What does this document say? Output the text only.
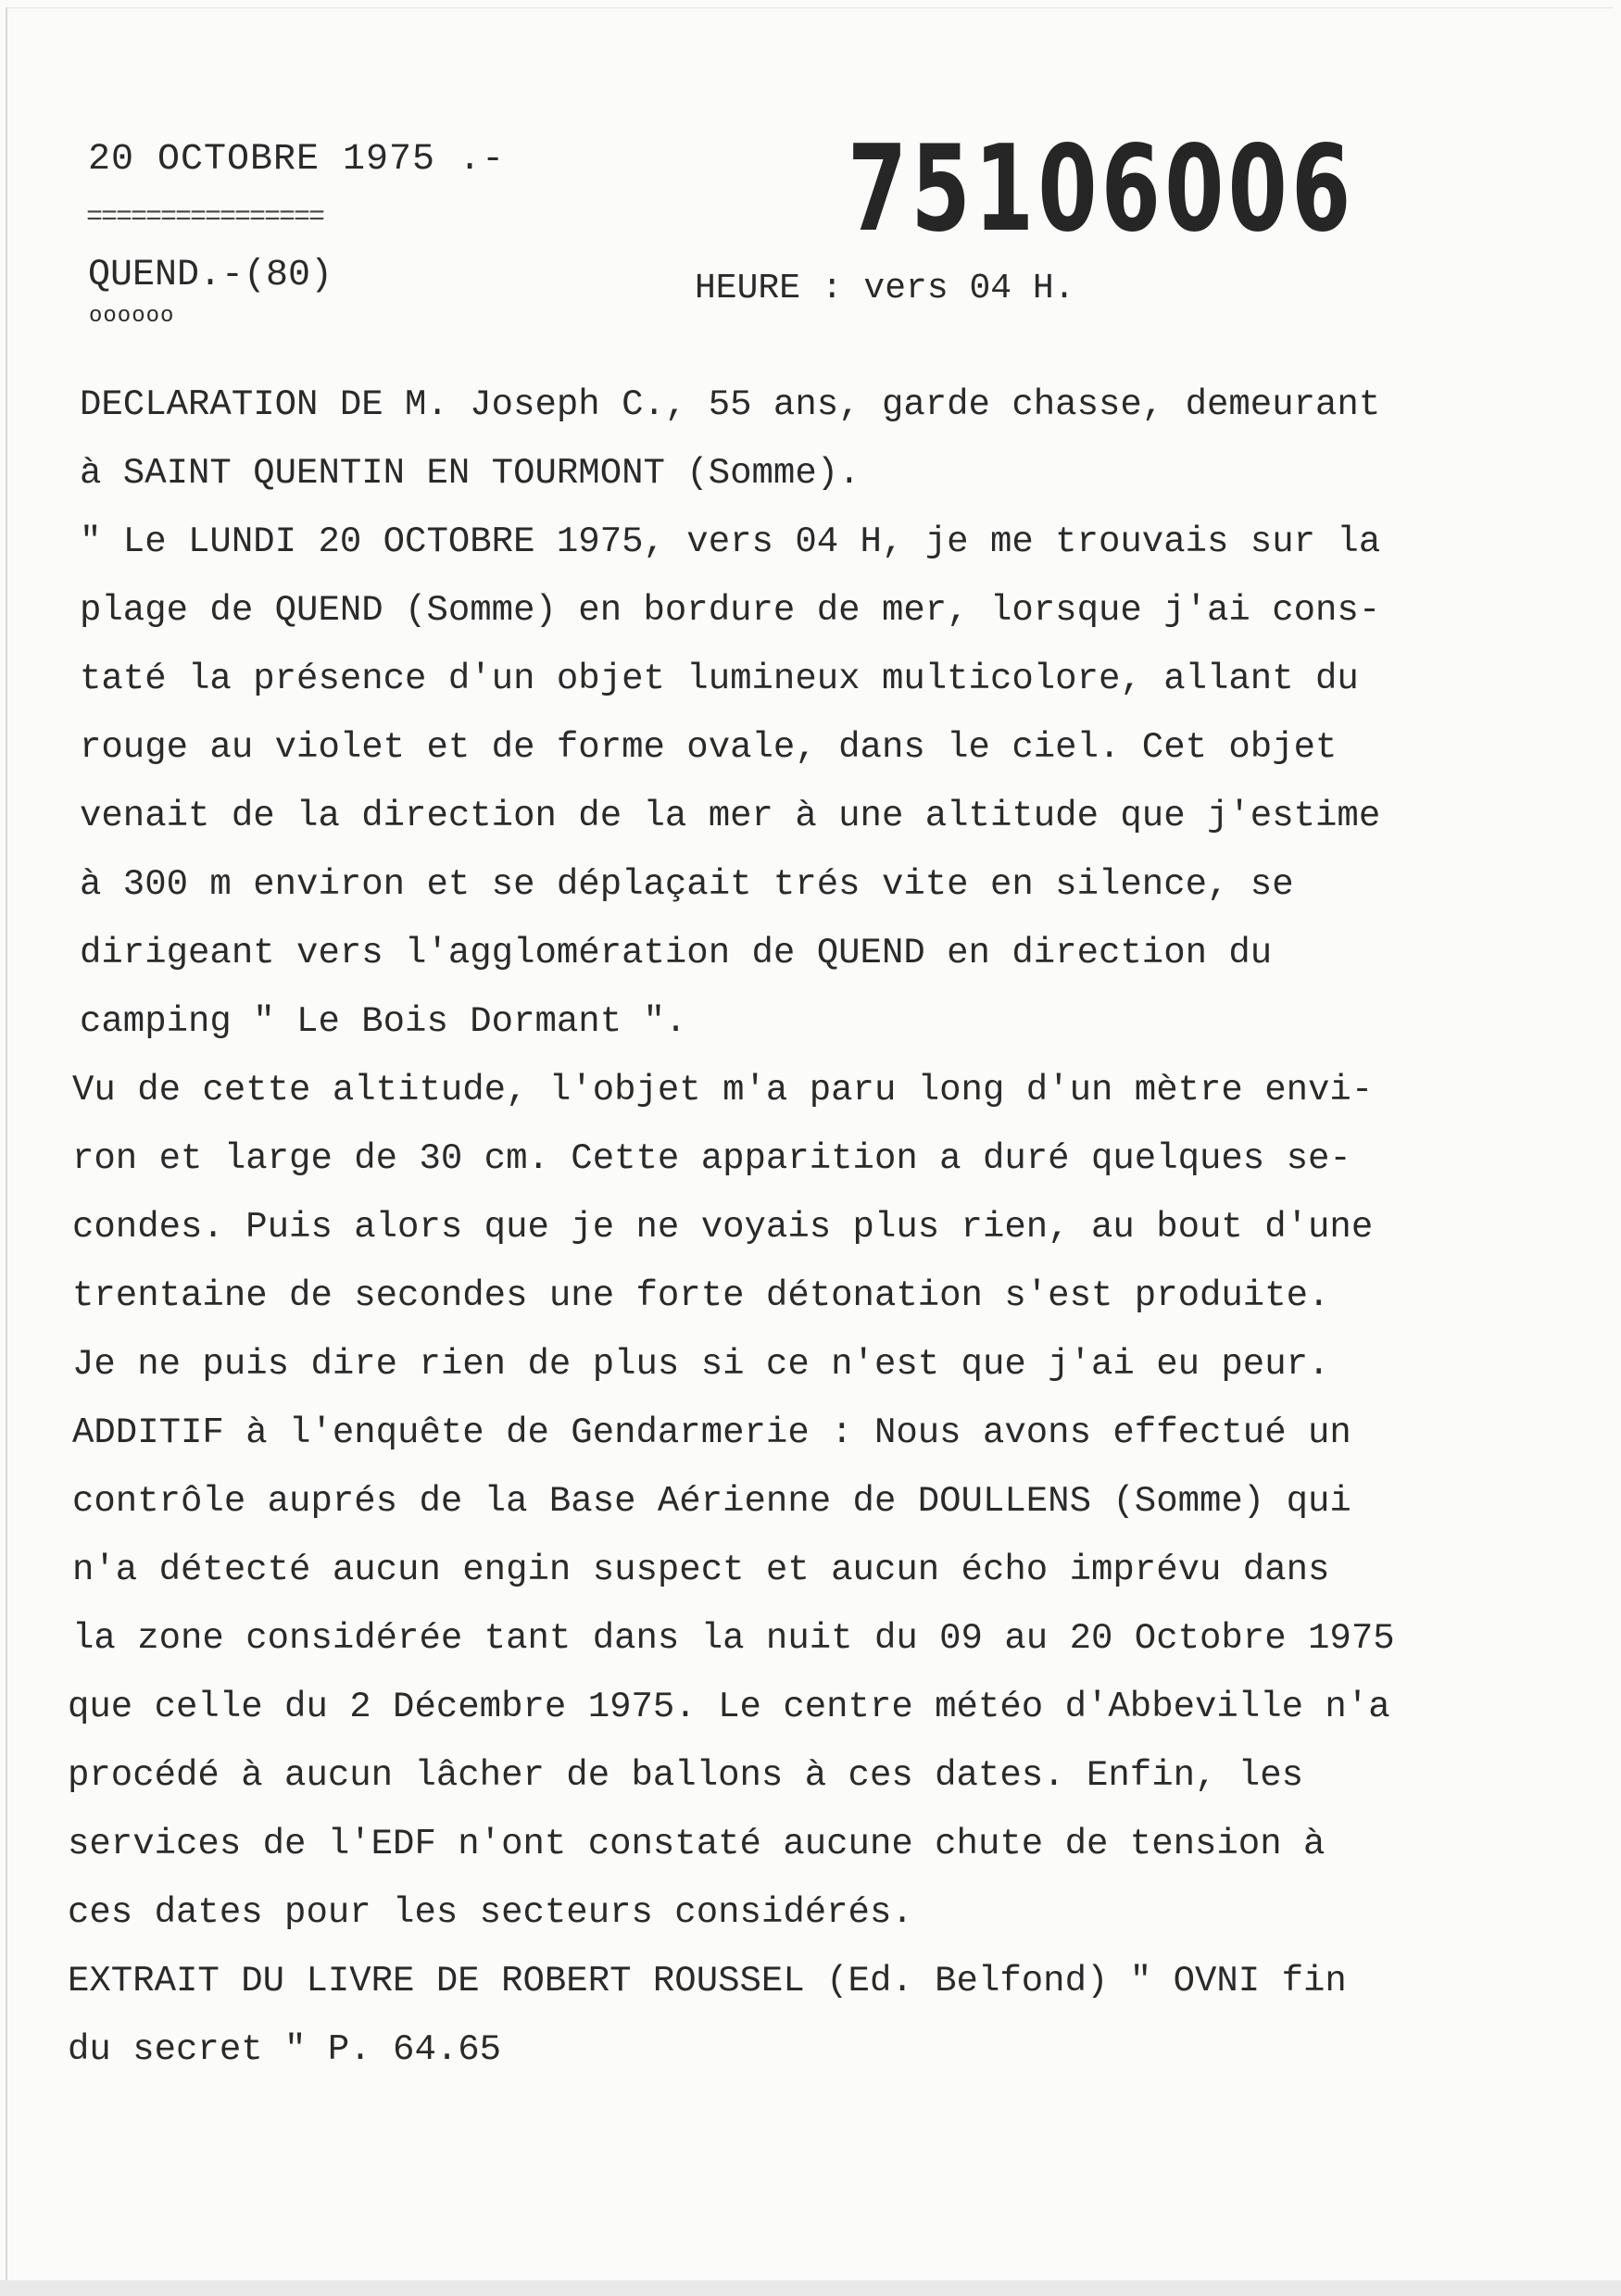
20 OCTOBRE 1975 .-
================	75106006
QUEND.-(80)
oooooo
HEURE : vers 04 H.
DECLARATION DE M. Joseph C., 55 ans, garde chasse, demeurant
à SAINT QUENTIN EN TOURMONT (Somme).
" Le LUNDI 20 OCTOBRE 1975, vers 04 H, je me trouvais sur la
plage de QUEND (Somme) en bordure de mer, lorsque j'ai cons-
taté la présence d'un objet lumineux multicolore, allant du
rouge au violet et de forme ovale, dans le ciel. Cet objet
venait de la direction de la mer à une altitude que j'estime
à 300 m environ et se déplaçait trés vite en silence, se
dirigeant vers l'agglomération de QUEND en direction du
camping " Le Bois Dormant ".
Vu de cette altitude, l'objet m'a paru long d'un mètre envi-
ron et large de 30 cm. Cette apparition a duré quelques se-
condes. Puis alors que je ne voyais plus rien, au bout d'une
trentaine de secondes une forte détonation s'est produite.
Je ne puis dire rien de plus si ce n'est que j'ai eu peur.
ADDITIF à l'enquête de Gendarmerie : Nous avons effectué un
contrôle auprés de la Base Aérienne de DOULLENS (Somme) qui
n'a détecté aucun engin suspect et aucun écho imprévu dans
la zone considérée tant dans la nuit du 09 au 20 Octobre 1975
que celle du 2 Décembre 1975. Le centre météo d'Abbeville n'a
procédé à aucun lâcher de ballons à ces dates. Enfin, les
services de l'EDF n'ont constaté aucune chute de tension à
ces dates pour les secteurs considérés.
EXTRAIT DU LIVRE DE ROBERT ROUSSEL (Ed. Belfond) " OVNI fin
du secret " P. 64.65
